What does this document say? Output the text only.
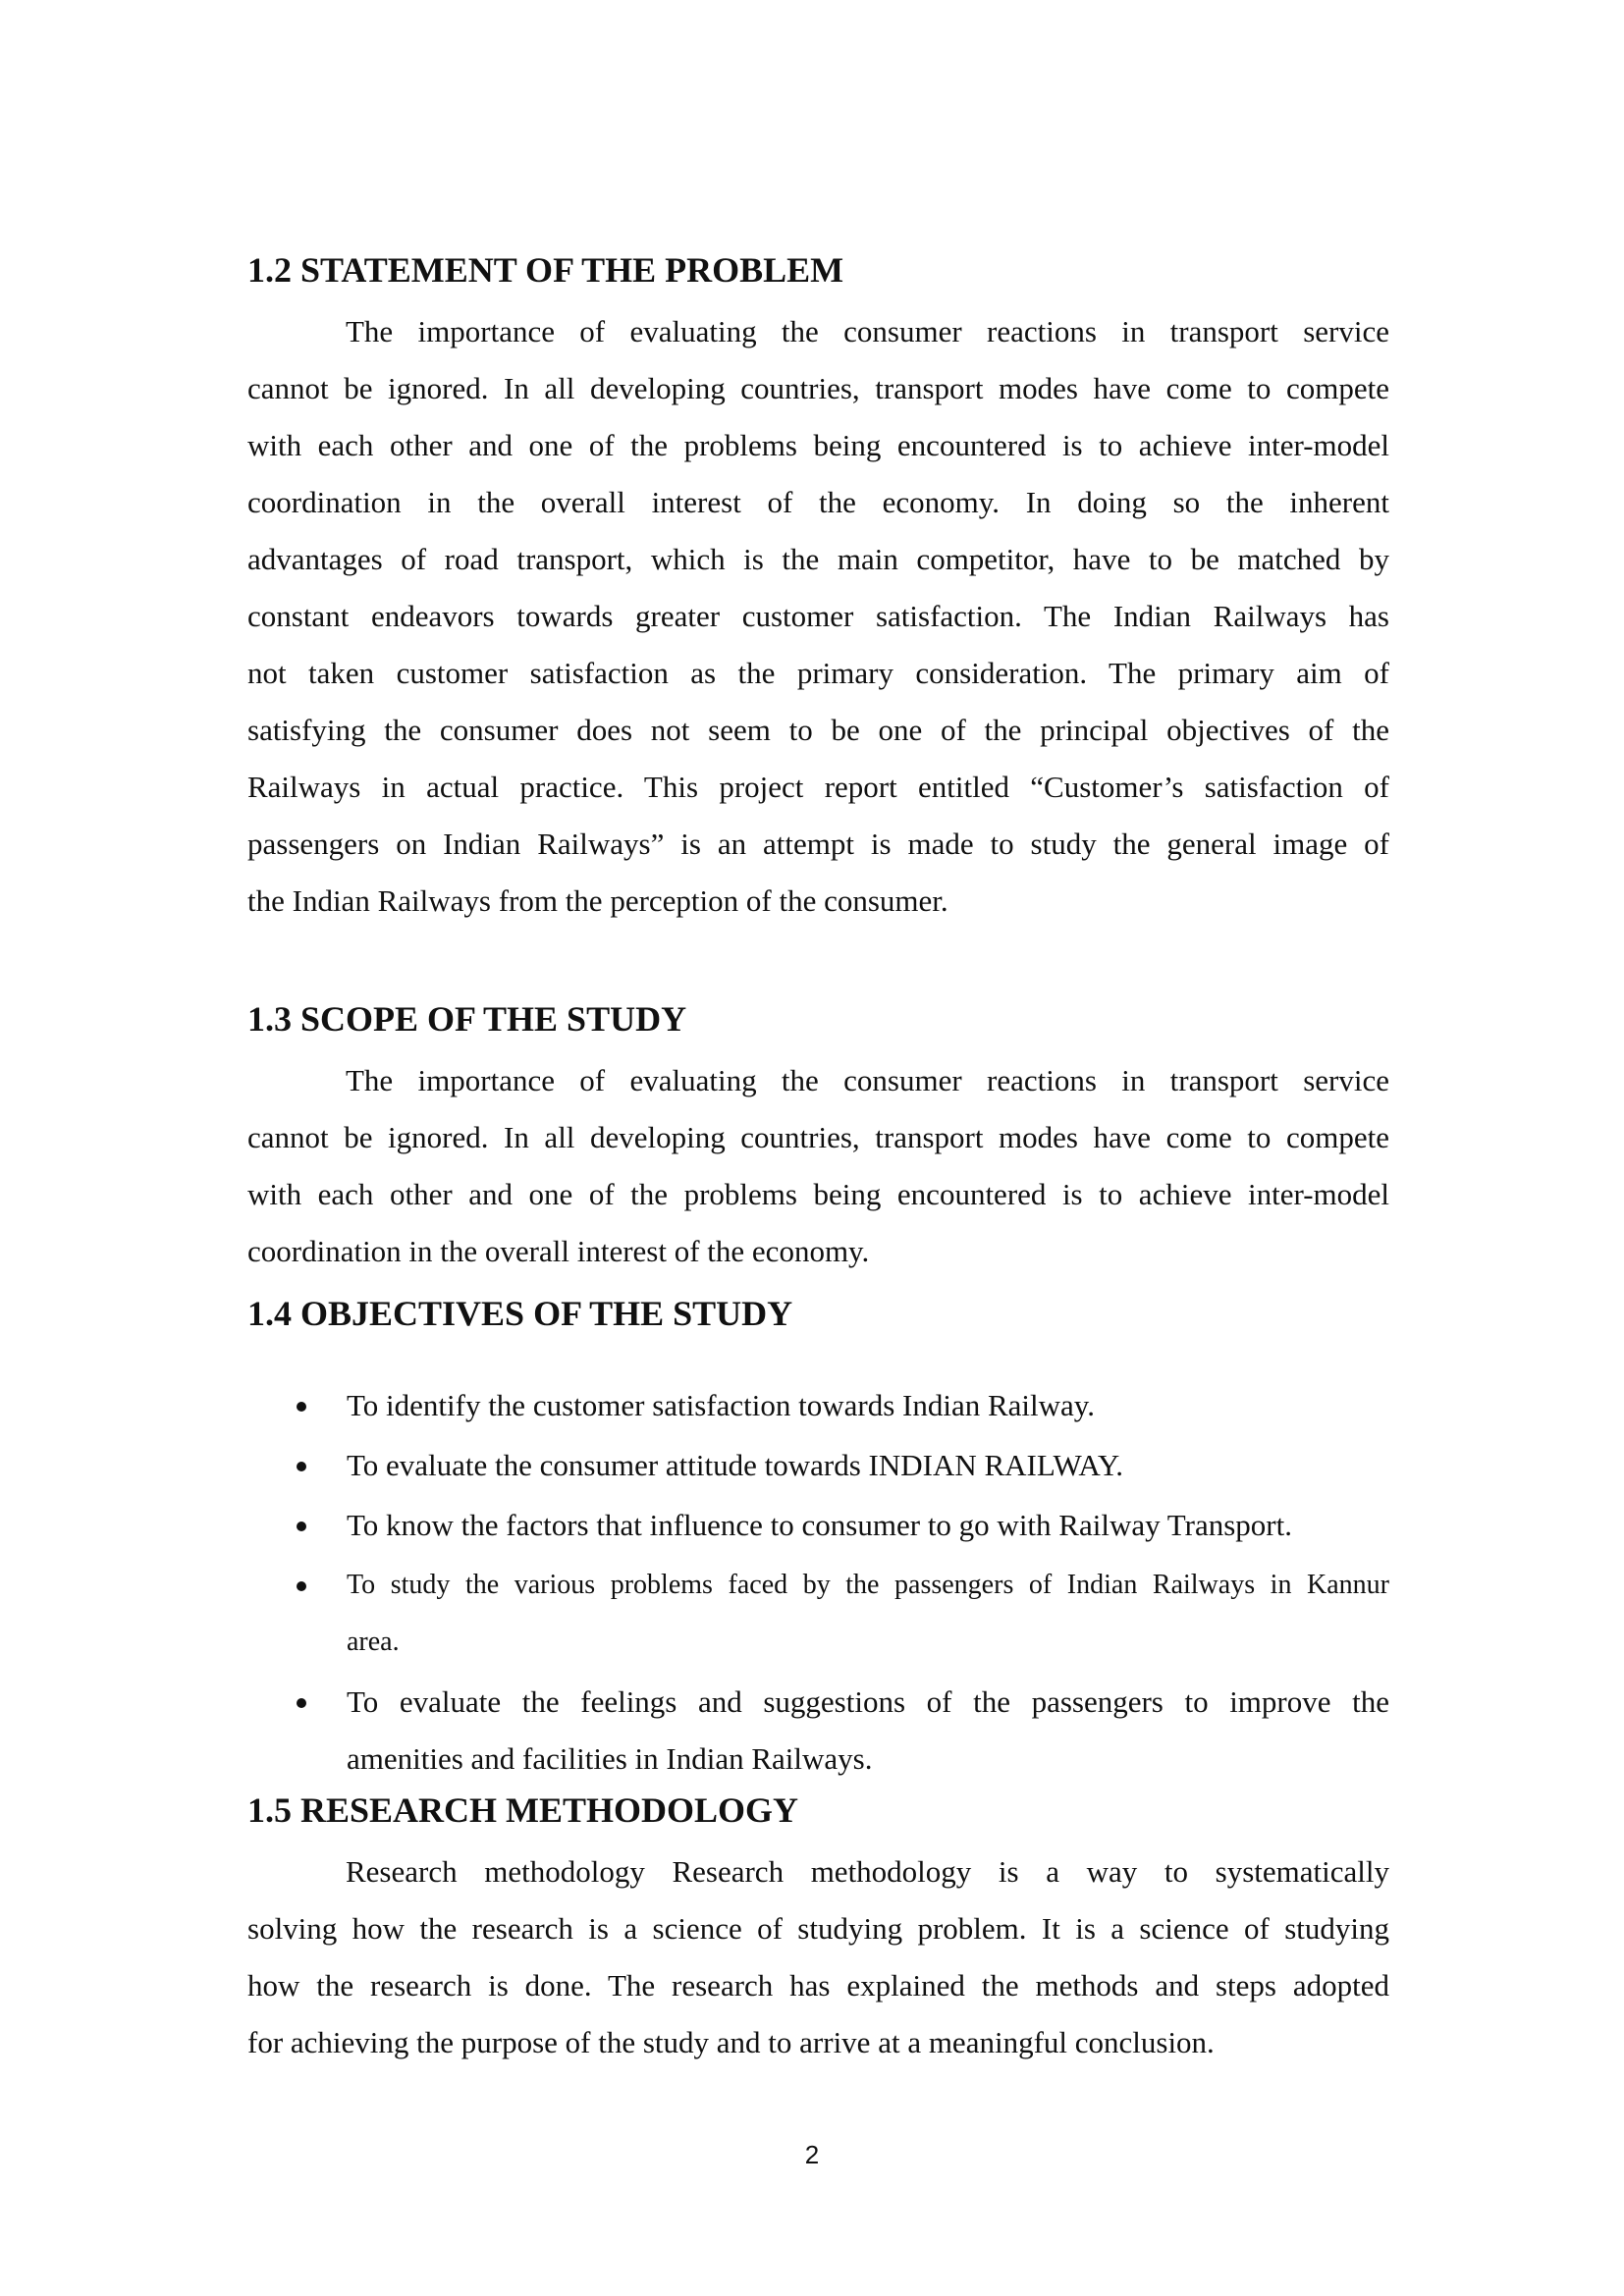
1.2 STATEMENT OF THE PROBLEM
The importance of evaluating the consumer reactions in transport service
cannot be ignored. In all developing countries, transport modes have come to compete
with each other and one of the problems being encountered is to achieve inter-model
coordination in the overall interest of the economy. In doing so the inherent
advantages of road transport, which is the main competitor, have to be matched by
constant endeavors towards greater customer satisfaction. The Indian Railways has
not taken customer satisfaction as the primary consideration. The primary aim of
satisfying the consumer does not seem to be one of the principal objectives of the
Railways in actual practice. This project report entitled “Customer’s satisfaction of
passengers on Indian Railways” is an attempt is made to study the general image of
the Indian Railways from the perception of the consumer.
1.3 SCOPE OF THE STUDY
The importance of evaluating the consumer reactions in transport service
cannot be ignored. In all developing countries, transport modes have come to compete
with each other and one of the problems being encountered is to achieve inter-model
coordination in the overall interest of the economy.
1.4 OBJECTIVES OF THE STUDY
To identify the customer satisfaction towards Indian Railway.
To evaluate the consumer attitude towards INDIAN RAILWAY.
To know the factors that influence to consumer to go with Railway Transport.
To study the various problems faced by the passengers of Indian Railways in Kannur
area.
To evaluate the feelings and suggestions of the passengers to improve the
amenities and facilities in Indian Railways.
1.5 RESEARCH METHODOLOGY
Research methodology Research methodology is a way to systematically
solving how the research is a science of studying problem. It is a science of studying
how the research is done. The research has explained the methods and steps adopted
for achieving the purpose of the study and to arrive at a meaningful conclusion.
2
